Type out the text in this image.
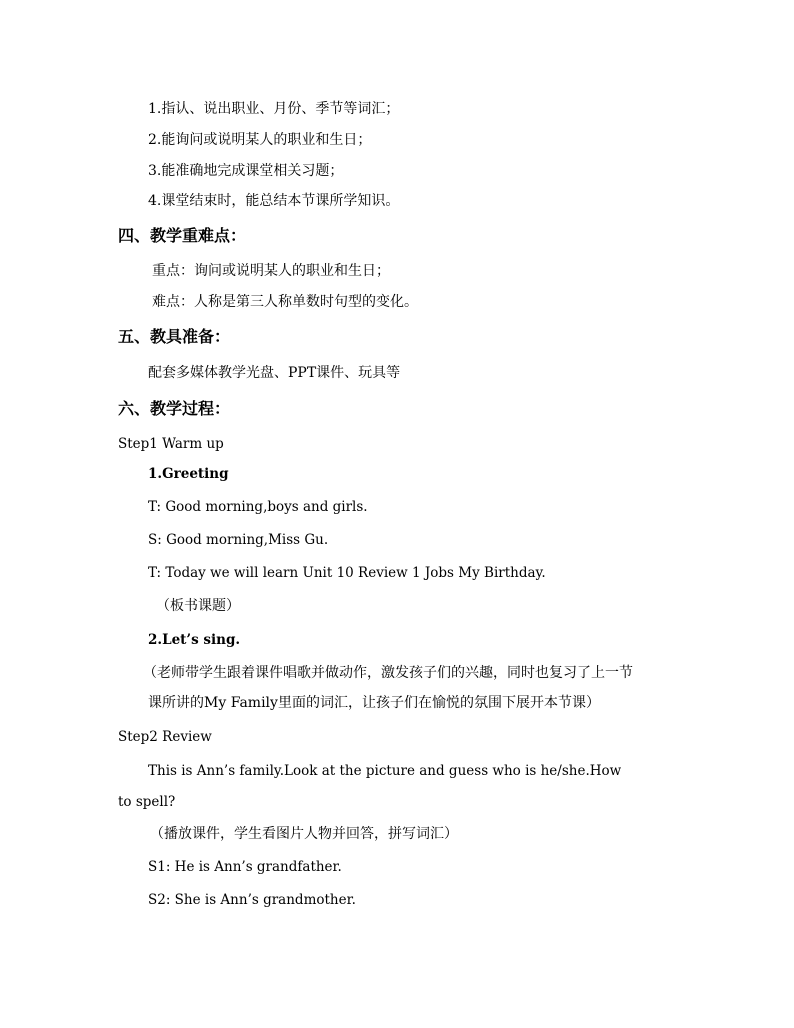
1.指认、说出职业、月份、季节等词汇；
2.能询问或说明某人的职业和生日；
3.能准确地完成课堂相关习题；
4.课堂结束时，能总结本节课所学知识。
四、教学重难点：
重点：询问或说明某人的职业和生日；
难点：人称是第三人称单数时句型的变化。
五、教具准备：
配套多媒体教学光盘、PPT课件、玩具等
六、教学过程：
Step1 Warm up
1.Greeting
T: Good morning,boys and girls.
S: Good morning,Miss Gu.
T: Today we will learn Unit 10 Review 1 Jobs My Birthday.
（板书课题）
2.Let’s sing.
（老师带学生跟着课件唱歌并做动作，激发孩子们的兴趣，同时也复习了上一节
课所讲的My Family里面的词汇，让孩子们在愉悦的氛围下展开本节课）
Step2 Review
This is Ann’s family.Look at the picture and guess who is he/she.How
to spell?
（播放课件，学生看图片人物并回答，拼写词汇）
S1: He is Ann’s grandfather.
S2: She is Ann’s grandmother.
